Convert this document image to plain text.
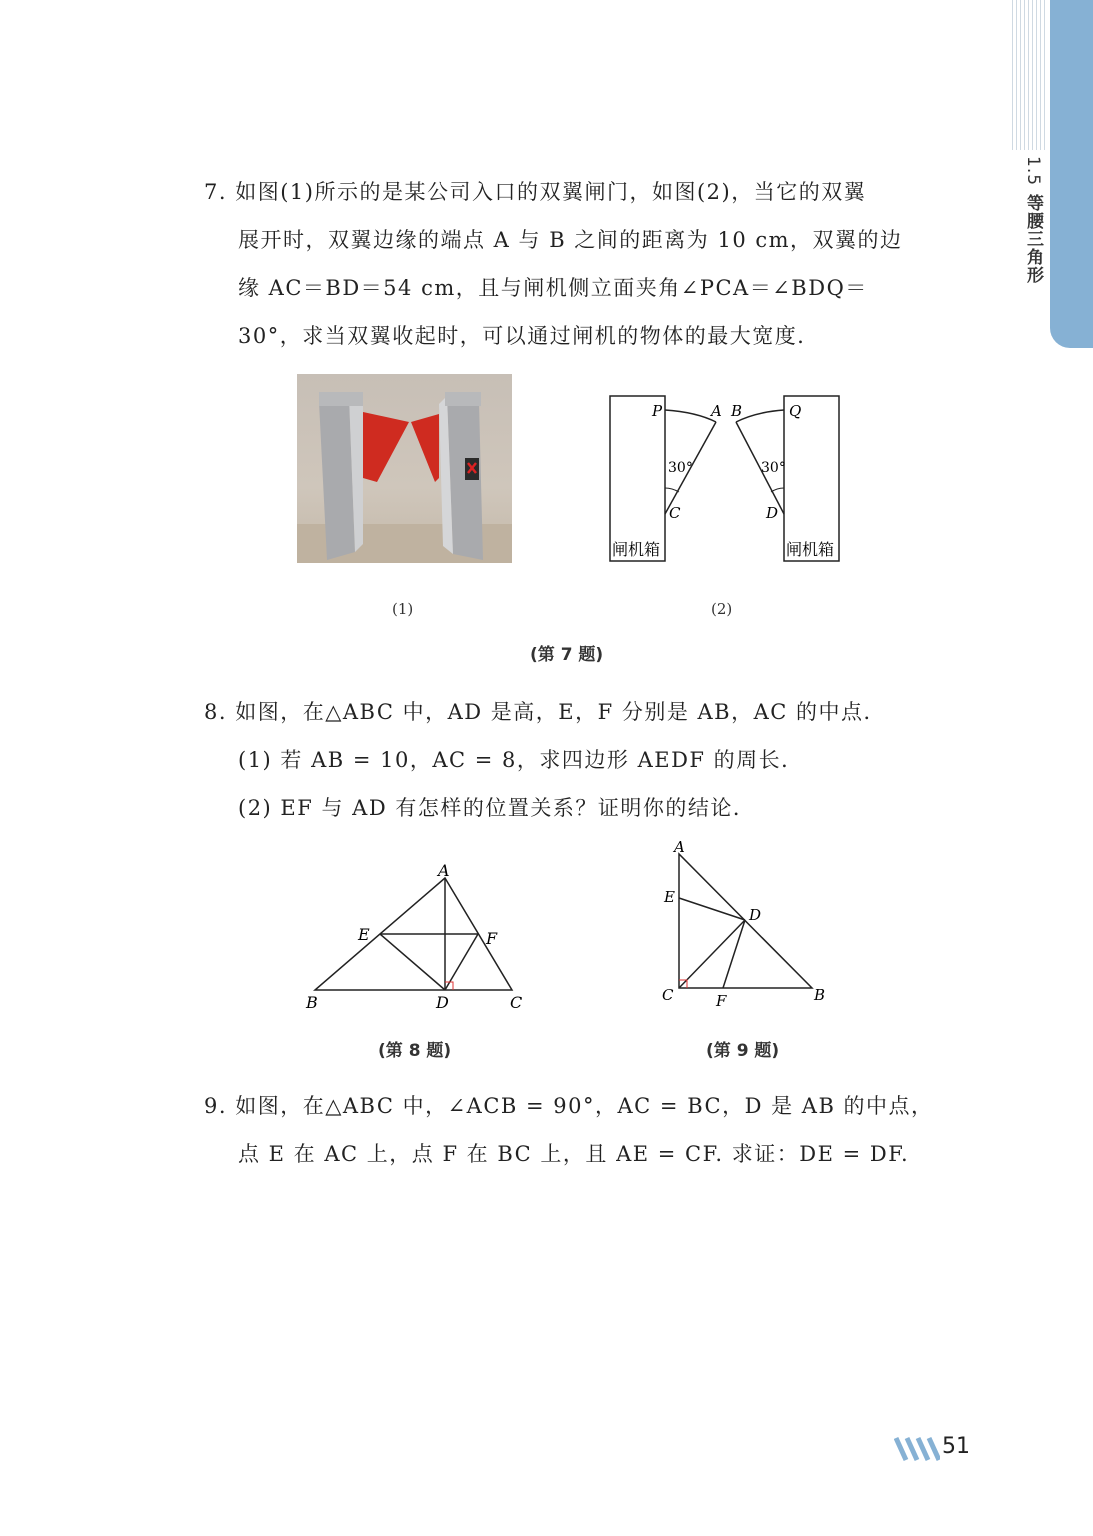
1.5等腰三角形
7. 如图(1)所示的是某公司入口的双翼闸门，如图(2)，当它的双翼
展开时，双翼边缘的端点 A 与 B 之间的距离为 10 cm，双翼的边
缘 AC＝BD＝54 cm，且与闸机侧立面夹角∠PCA＝∠BDQ＝
30°，求当双翼收起时，可以通过闸机的物体的最大宽度．
P	A B	Q
C	D
30°	30°
闸机箱	闸机箱
(1)	(2)
(第 7 题)
8. 如图，在△ABC 中，AD 是高，E，F 分别是 AB，AC 的中点．
(1) 若 AB = 10，AC = 8，求四边形 AEDF 的周长．
(2) EF 与 AD 有怎样的位置关系？证明你的结论．
A
B	C
D
E	F
(第 8 题)
A
E
D
C	F	B
(第 9 题)
9. 如图，在△ABC 中，∠ACB = 90°，AC = BC，D 是 AB 的中点，
点 E 在 AC 上，点 F 在 BC 上，且 AE = CF. 求证：DE = DF.
51
